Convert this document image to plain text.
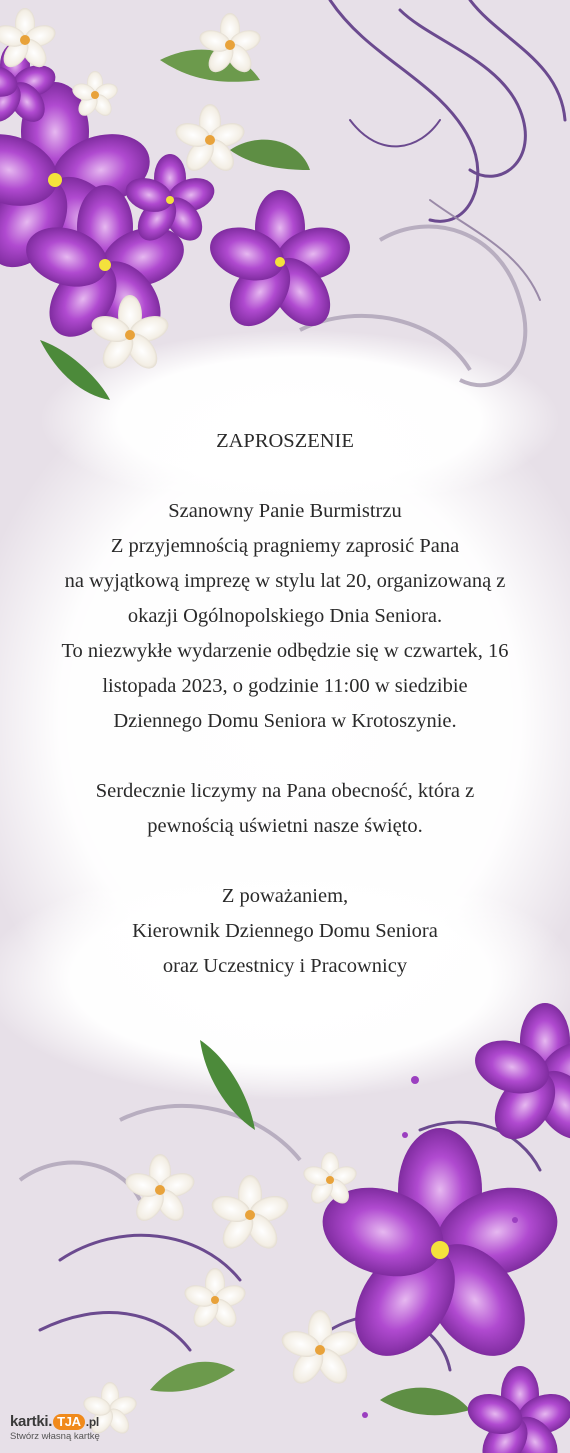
ZAPROSZENIE

Szanowny Panie Burmistrzu

Z przyjemnością pragniemy zaprosić Pana

na wyjątkową imprezę w stylu lat 20, organizowaną z

okazji Ogólnopolskiego Dnia Seniora.

To niezwykłe wydarzenie odbędzie się w czwartek, 16

listopada 2023, o godzinie 11:00 w siedzibie

Dziennego Domu Seniora w Krotoszynie.

Serdecznie liczymy na Pana obecność, która z

pewnością uświetni nasze święto.

Z poważaniem,

Kierownik Dziennego Domu Seniora

oraz Uczestnicy i Pracownicy

kartki. TJA .pl
Stwórz własną kartkę
